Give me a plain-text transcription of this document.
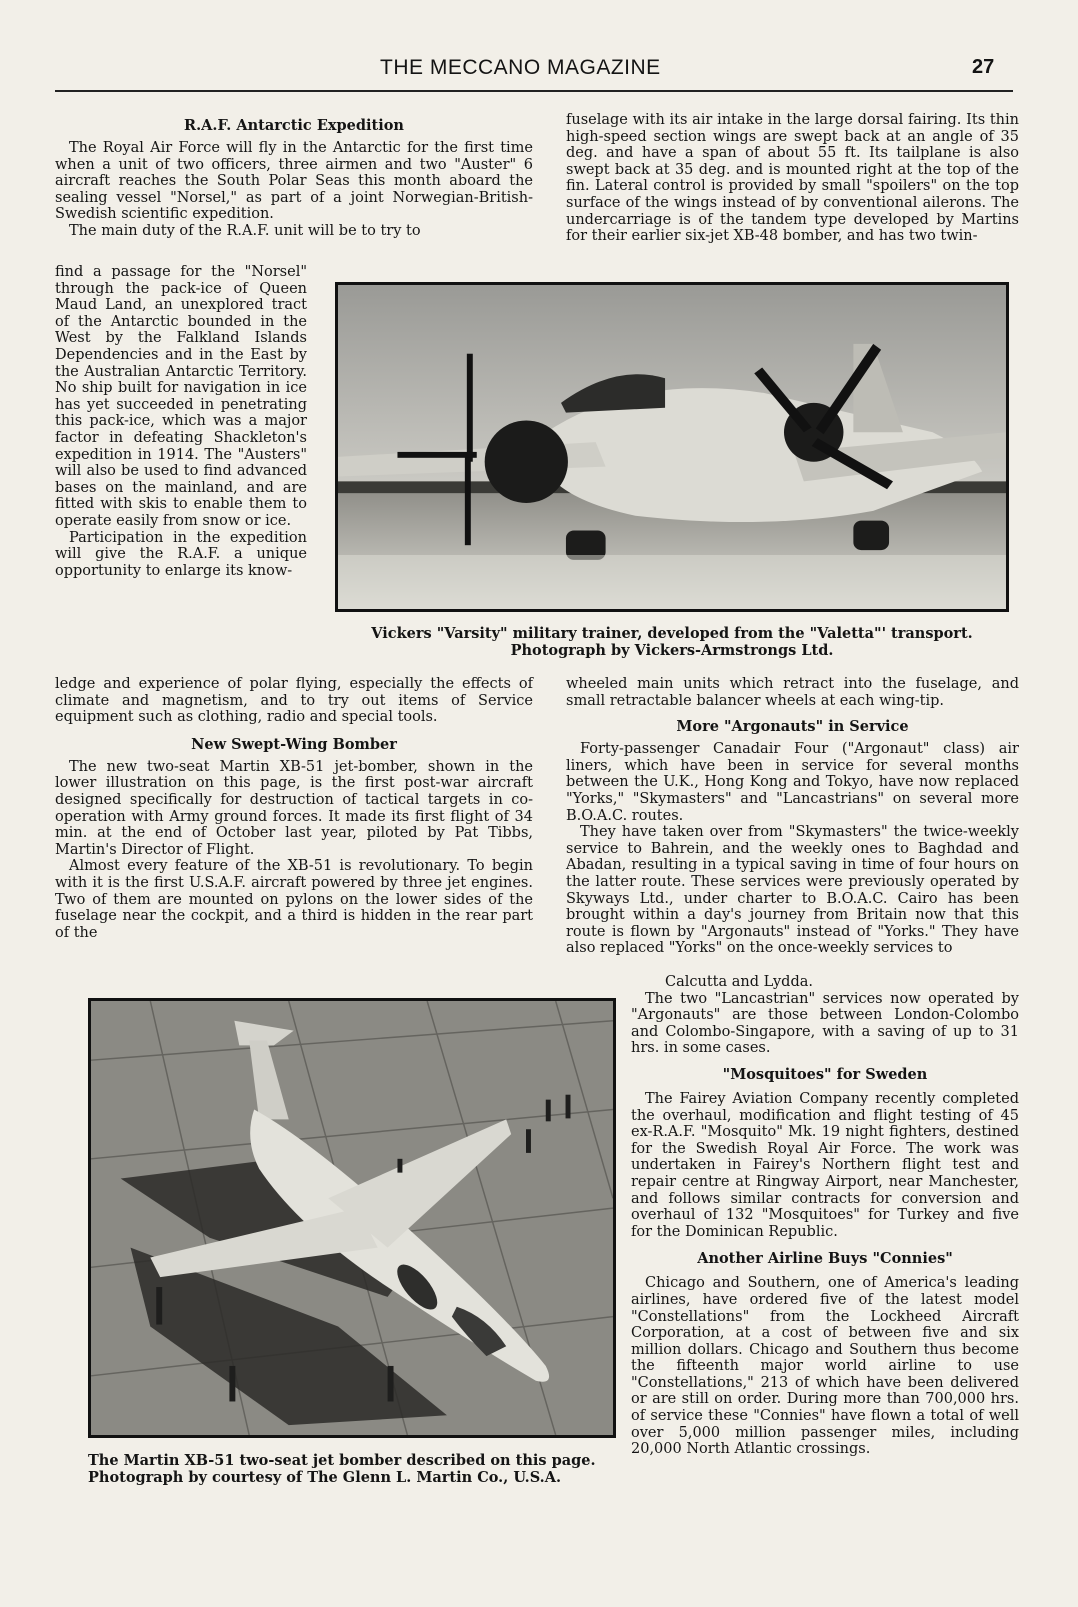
THE MECCANO MAGAZINE	27

R.A.F. Antarctic Expedition

The Royal Air Force will fly in the Antarctic for the first time when a unit of two officers, three airmen and two "Auster" 6 aircraft reaches the South Polar Seas this month aboard the sealing vessel "Norsel," as part of a joint Norwegian-British-Swedish scientific expedition.

The main duty of the R.A.F. unit will be to try to

find a passage for the "Norsel" through the pack-ice of Queen Maud Land, an unexplored tract of the Antarctic bounded in the West by the Falkland Islands Dependencies and in the East by the Australian Antarctic Territory. No ship built for navigation in ice has yet succeeded in penetrating this pack-ice, which was a major factor in defeating Shackleton's expedition in 1914. The "Austers" will also be used to find advanced bases on the mainland, and are fitted with skis to enable them to operate easily from snow or ice.

Participation in the expedition will give the R.A.F. a unique opportunity to enlarge its know-

ledge and experience of polar flying, especially the effects of climate and magnetism, and to try out items of Service equipment such as clothing, radio and special tools.

New Swept-Wing Bomber

The new two-seat Martin XB-51 jet-bomber, shown in the lower illustration on this page, is the first post-war aircraft designed specifically for destruction of tactical targets in co-operation with Army ground forces. It made its first flight of 34 min. at the end of October last year, piloted by Pat Tibbs, Martin's Director of Flight.

Almost every feature of the XB-51 is revolutionary. To begin with it is the first U.S.A.F. aircraft powered by three jet engines. Two of them are mounted on pylons on the lower sides of the fuselage near the cockpit, and a third is hidden in the rear part of the

fuselage with its air intake in the large dorsal fairing. Its thin high-speed section wings are swept back at an angle of 35 deg. and have a span of about 55 ft. Its tailplane is also swept back at 35 deg. and is mounted right at the top of the fin. Lateral control is provided by small "spoilers" on the top surface of the wings instead of by conventional ailerons. The undercarriage is of the tandem type developed by Martins for their earlier six-jet XB-48 bomber, and has two twin-

Vickers "Varsity" military trainer, developed from the "Valetta"' transport.

Photograph by Vickers-Armstrongs Ltd.

wheeled main units which retract into the fuselage, and small retractable balancer wheels at each wing-tip.

More "Argonauts" in Service

Forty-passenger Canadair Four ("Argonaut" class) air liners, which have been in service for several months between the U.K., Hong Kong and Tokyo, have now replaced "Yorks," "Skymasters" and "Lancastrians" on several more B.O.A.C. routes.

They have taken over from "Skymasters" the twice-weekly service to Bahrein, and the weekly ones to Baghdad and Abadan, resulting in a typical saving in time of four hours on the latter route. These services were previously operated by Skyways Ltd., under charter to B.O.A.C. Cairo has been brought within a day's journey from Britain now that this route is flown by "Argonauts" instead of "Yorks." They have also replaced "Yorks" on the once-weekly services to

Calcutta and Lydda.

The two "Lancastrian" services now operated by "Argonauts" are those between London-Colombo and Colombo-Singapore, with a saving of up to 31 hrs. in some cases.

"Mosquitoes" for Sweden

The Fairey Aviation Company recently completed the overhaul, modification and flight testing of 45 ex-R.A.F. "Mosquito" Mk. 19 night fighters, destined for the Swedish Royal Air Force. The work was undertaken in Fairey's Northern flight test and repair centre at Ringway Airport, near Manchester, and follows similar contracts for conversion and overhaul of 132 "Mosquitoes" for Turkey and five for the Dominican Republic.

Another Airline Buys "Connies"

Chicago and Southern, one of America's leading airlines, have ordered five of the latest model "Constellations" from the Lockheed Aircraft Corporation, at a cost of between five and six million dollars. Chicago and Southern thus become the fifteenth major world airline to use "Constellations," 213 of which have been delivered or are still on order. During more than 700,000 hrs. of service these "Connies" have flown a total of well over 5,000 million passenger miles, including 20,000 North Atlantic crossings.

The Martin XB-51 two-seat jet bomber described on this page.

Photograph by courtesy of The Glenn L. Martin Co., U.S.A.
